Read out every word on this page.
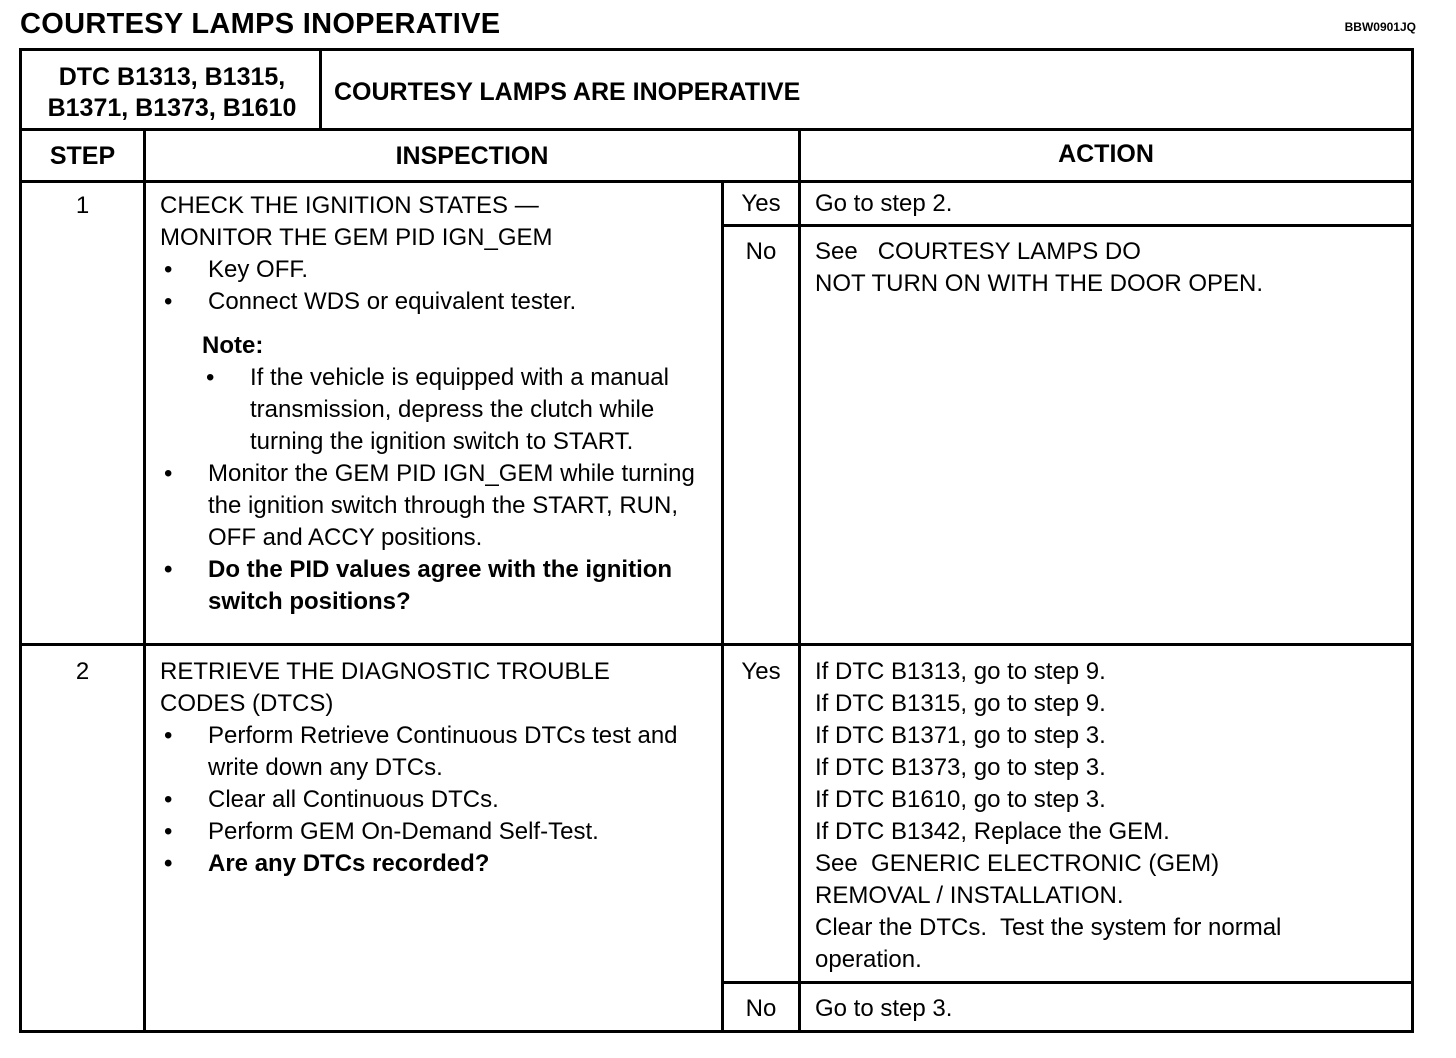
COURTESY LAMPS INOPERATIVE	BBW0901JQ
DTC B1313, B1315,
B1371, B1373, B1610
COURTESY LAMPS ARE INOPERATIVE
STEP	INSPECTION	ACTION
1	CHECK THE IGNITION STATES —
MONITOR THE GEM PID IGN_GEM
• Key OFF.
• Connect WDS or equivalent tester.
Note:
• If the vehicle is equipped with a manual transmission, depress the clutch while turning the ignition switch to START.
• Monitor the GEM PID IGN_GEM while turning the ignition switch through the START, RUN, OFF and ACCY positions.
• Do the PID values agree with the ignition switch positions?
Yes	Go to step 2.
No	See   COURTESY LAMPS DO
NOT TURN ON WITH THE DOOR OPEN.
2	RETRIEVE THE DIAGNOSTIC TROUBLE
CODES (DTCS)
• Perform Retrieve Continuous DTCs test and write down any DTCs.
• Clear all Continuous DTCs.
• Perform GEM On-Demand Self-Test.
• Are any DTCs recorded?
Yes	If DTC B1313, go to step 9.
If DTC B1315, go to step 9.
If DTC B1371, go to step 3.
If DTC B1373, go to step 3.
If DTC B1610, go to step 3.
If DTC B1342, Replace the GEM.
See  GENERIC ELECTRONIC (GEM)
REMOVAL / INSTALLATION.
Clear the DTCs.  Test the system for normal
operation.
No	Go to step 3.
